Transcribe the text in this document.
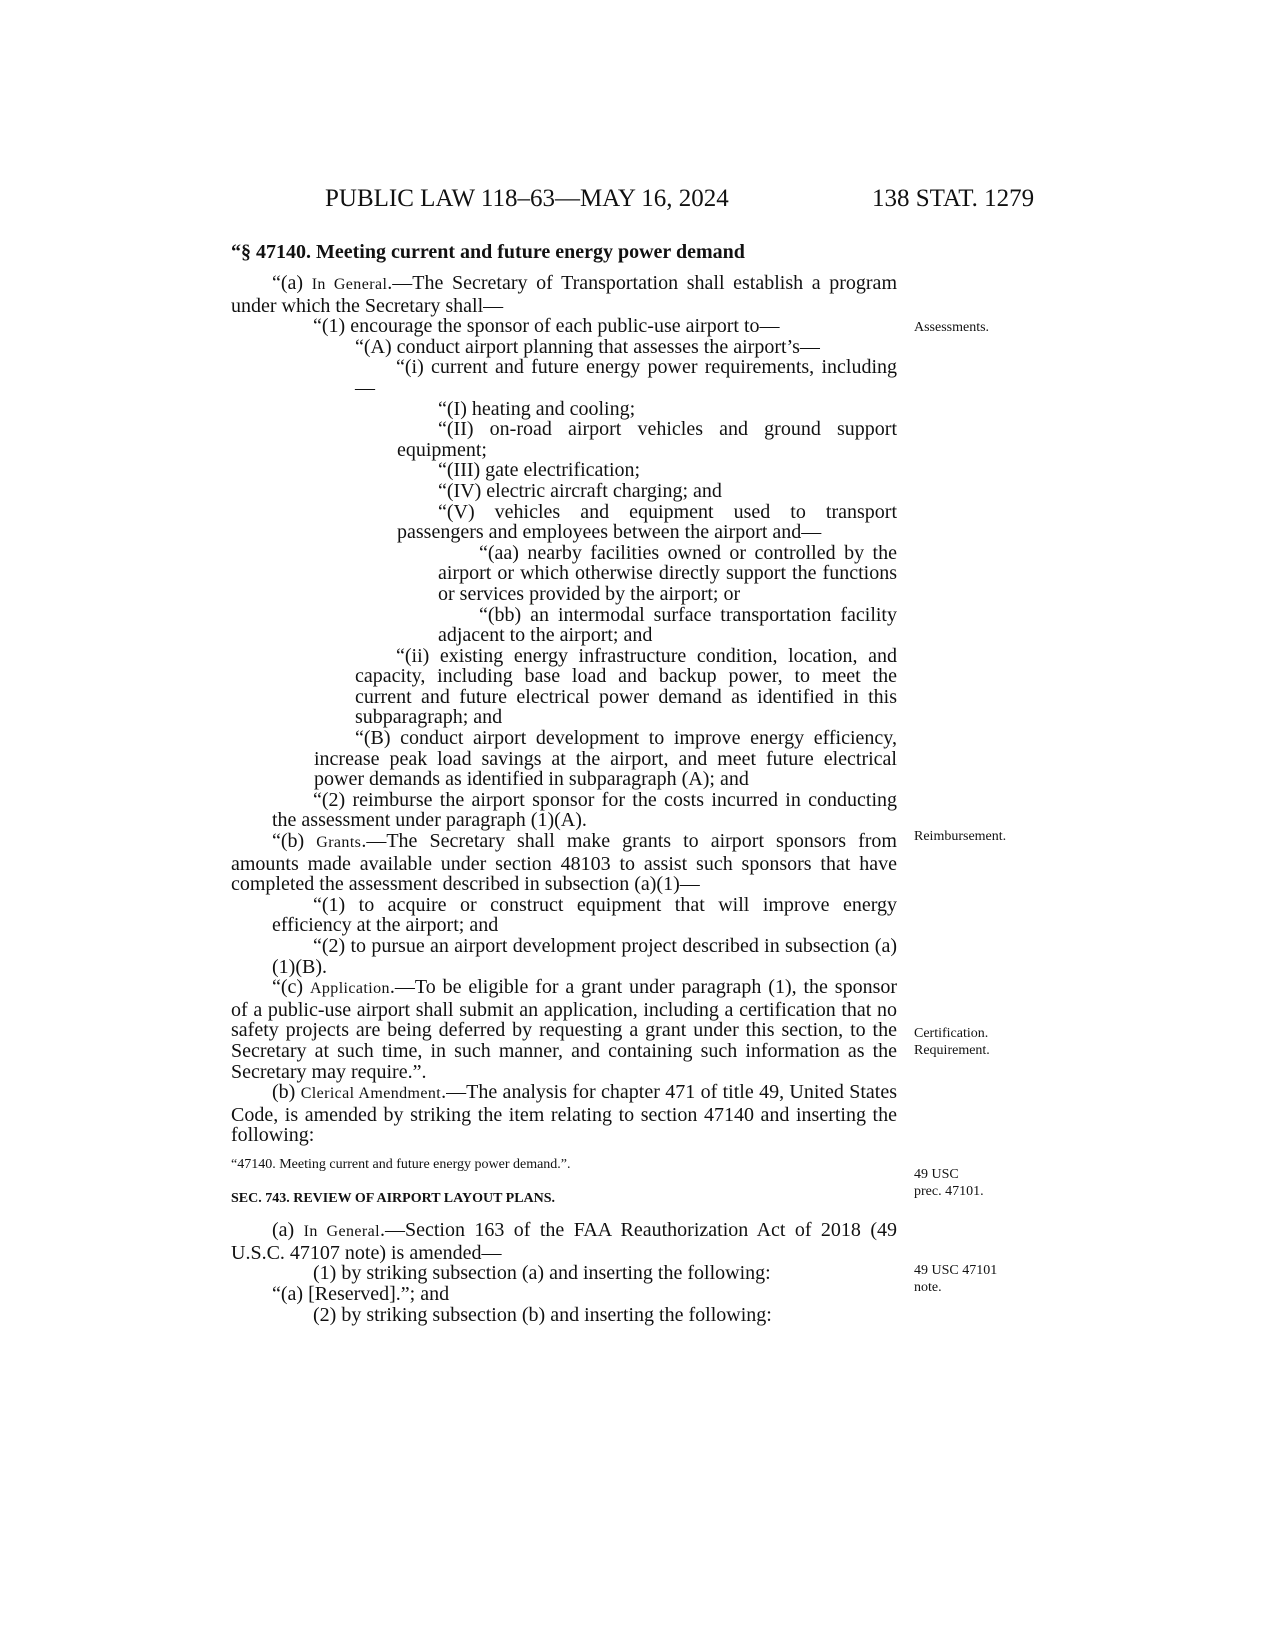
PUBLIC LAW 118–63—MAY 16, 2024	138 STAT. 1279
“§ 47140. Meeting current and future energy power demand

“(a) In General.—The Secretary of Transportation shall establish a program under which the Secretary shall—

“(1) encourage the sponsor of each public-use airport to—

“(A) conduct airport planning that assesses the airport’s—

“(i) current and future energy power requirements, including—

“(I) heating and cooling;

“(II) on-road airport vehicles and ground support equipment;

“(III) gate electrification;

“(IV) electric aircraft charging; and

“(V) vehicles and equipment used to transport passengers and employees between the airport and—

“(aa) nearby facilities owned or controlled by the airport or which otherwise directly support the functions or services provided by the airport; or

“(bb) an intermodal surface transportation facility adjacent to the airport; and

“(ii) existing energy infrastructure condition, location, and capacity, including base load and backup power, to meet the current and future electrical power demand as identified in this subparagraph; and

“(B) conduct airport development to improve energy efficiency, increase peak load savings at the airport, and meet future electrical power demands as identified in subparagraph (A); and

“(2) reimburse the airport sponsor for the costs incurred in conducting the assessment under paragraph (1)(A).

“(b) Grants.—The Secretary shall make grants to airport sponsors from amounts made available under section 48103 to assist such sponsors that have completed the assessment described in subsection (a)(1)—

“(1) to acquire or construct equipment that will improve energy efficiency at the airport; and

“(2) to pursue an airport development project described in subsection (a)(1)(B).

“(c) Application.—To be eligible for a grant under paragraph (1), the sponsor of a public-use airport shall submit an application, including a certification that no safety projects are being deferred by requesting a grant under this section, to the Secretary at such time, in such manner, and containing such information as the Secretary may require.”.

(b) Clerical Amendment.—The analysis for chapter 471 of title 49, United States Code, is amended by striking the item relating to section 47140 and inserting the following:

“47140. Meeting current and future energy power demand.”.

SEC. 743. REVIEW OF AIRPORT LAYOUT PLANS.

(a) In General.—Section 163 of the FAA Reauthorization Act of 2018 (49 U.S.C. 47107 note) is amended—

(1) by striking subsection (a) and inserting the following:

“(a) [Reserved].”; and

(2) by striking subsection (b) and inserting the following:

Assessments.
Reimbursement.
Certification.
Requirement.
49 USC
prec. 47101.
49 USC 47101
note.
